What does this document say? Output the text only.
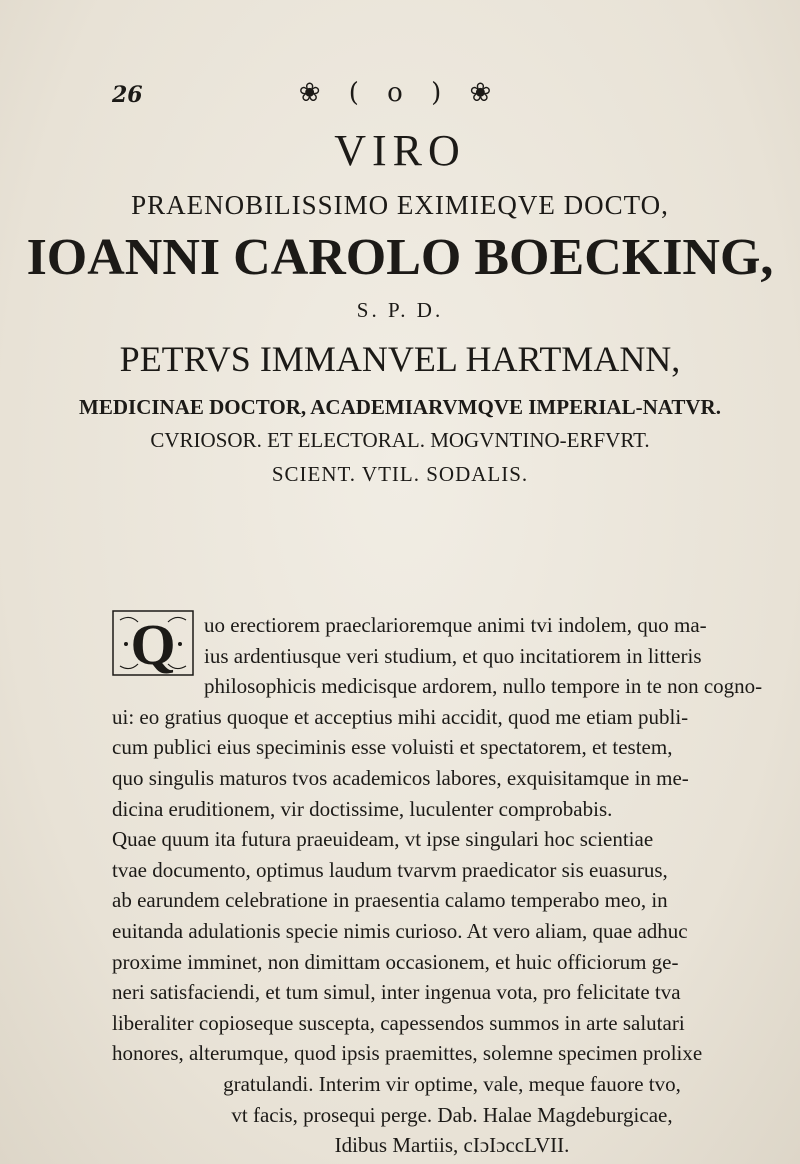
26	❀ ( o ) ❀
VIRO
PRAENOBILISSIMO EXIMIEQVE DOCTO,
IOANNI CAROLO BOECKING,
S. P. D.
PETRVS IMMANVEL HARTMANN,
MEDICINAE DOCTOR, ACADEMIARVMQVE IMPERIAL-NATVR.
CVRIOSOR. ET ELECTORAL. MOGVNTINO-ERFVRT.
SCIENT. VTIL. SODALIS.
Q	uo erectiorem praeclarioremque animi tvi indolem, quo ma-
ius ardentiusque veri studium, et quo incitatiorem in litteris
philosophicis medicisque ardorem, nullo tempore in te non cogno-
ui: eo gratius quoque et acceptius mihi accidit, quod me etiam publi-
cum publici eius speciminis esse voluisti et spectatorem, et testem,
quo singulis maturos tvos academicos labores, exquisitamque in me-
dicina eruditionem, vir doctissime, luculenter comprobabis.
Quae quum ita futura praeuideam, vt ipse singulari hoc scientiae
tvae documento, optimus laudum tvarvm praedicator sis euasurus,
ab earundem celebratione in praesentia calamo temperabo meo, in
euitanda adulationis specie nimis curioso. At vero aliam, quae adhuc
proxime imminet, non dimittam occasionem, et huic officiorum ge-
neri satisfaciendi, et tum simul, inter ingenua vota, pro felicitate tva
liberaliter copioseque suscepta, capessendos summos in arte salutari
honores, alterumque, quod ipsis praemittes, solemne specimen prolixe
gratulandi. Interim vir optime, vale, meque fauore tvo,
vt facis, prosequi perge. Dab. Halae Magdeburgicae,
Idibus Martiis, cIɔIɔccLVII.
